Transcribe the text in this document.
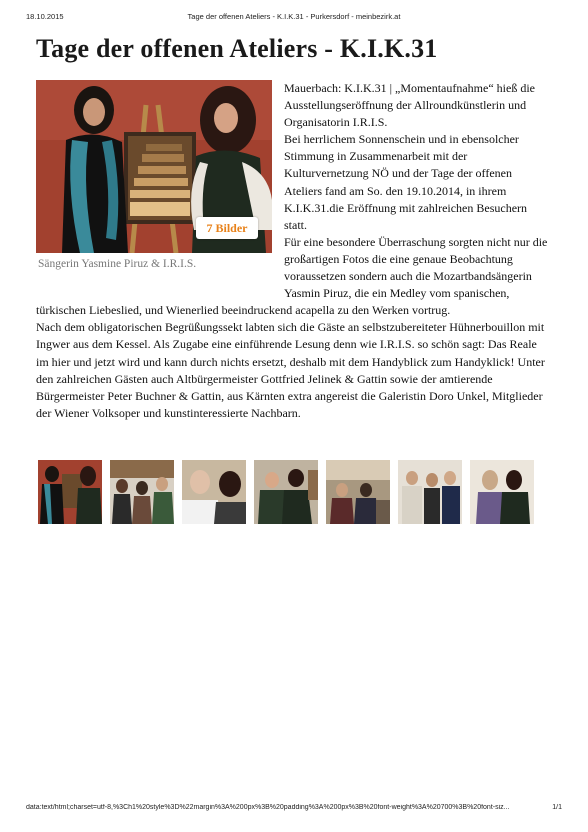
18.10.2015	Tage der offenen Ateliers - K.I.K.31 - Purkersdorf - meinbezirk.at
Tage der offenen Ateliers - K.I.K.31
7 Bilder
Sängerin Yasmine Piruz & I.R.I.S.

Mauerbach: K.I.K.31 | „Momentaufnahme“ hieß die Ausstellungseröffnung der Allroundkünstlerin und Organisatorin I.R.I.S.

Bei herrlichem Sonnenschein und in ebensolcher Stimmung in Zusammenarbeit mit der Kulturvernetzung NÖ und der Tage der offenen Ateliers fand am So. den 19.10.2014, in ihrem K.I.K.31.die Eröffnung mit zahlreichen Besuchern statt.

Für eine besondere Überraschung sorgten nicht nur die großartigen Fotos die eine genaue Beobachtung voraussetzen sondern auch die Mozartbandsängerin Yasmin Piruz, die ein Medley vom spanischen, türkischen Liebeslied, und Wienerlied beeindruckend acapella zu den Werken vortrug.

Nach dem obligatorischen Begrüßungssekt labten sich die Gäste an selbstzubereiteter Hühnerbouillon mit Ingwer aus dem Kessel. Als Zugabe eine einführende Lesung denn wie I.R.I.S. so schön sagt: Das Reale im hier und jetzt wird und kann durch nichts ersetzt, deshalb mit dem Handyblick zum Handyklick! Unter den zahlreichen Gästen auch Altbürgermeister Gottfried Jelinek & Gattin sowie der amtierende Bürgermeister Peter Buchner & Gattin, aus Kärnten extra angereist die Galeristin Doro Unkel, Mitglieder der Wiener Volksoper und kunstinteressierte Nachbarn.

data:text/html;charset=utf-8,%3Ch1%20style%3D%22margin%3A%200px%3B%20padding%3A%200px%3B%20font-weight%3A%20700%3B%20font-siz...	1/1
